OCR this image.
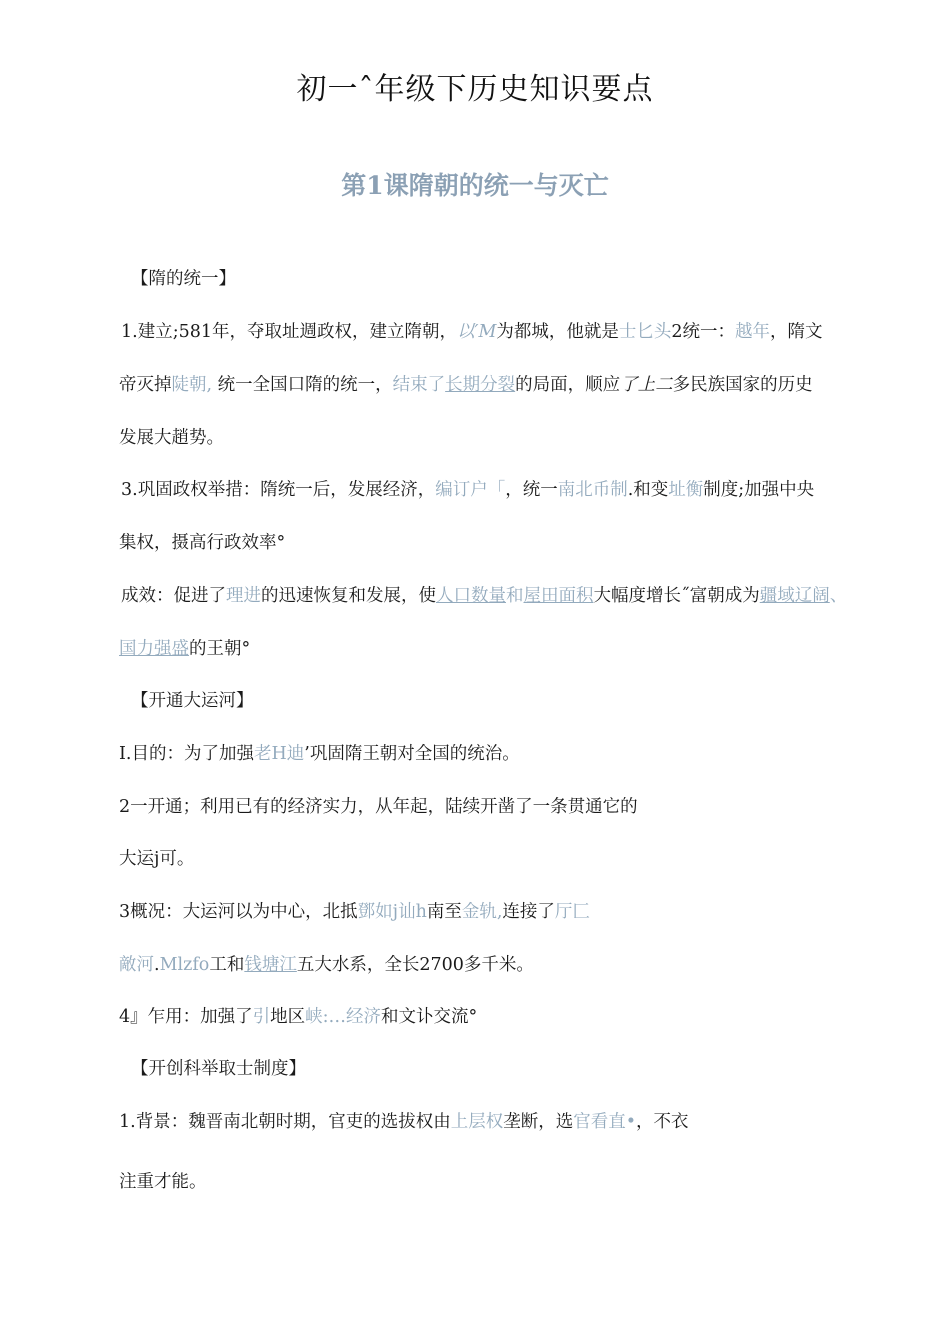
初一ˆ年级下历史知识要点
第1课隋朝的统一与灭亡
【隋的统一】
1.建立;581年，夺取址週政权，建立隋朝，以′M为都城，他就是士匕头2统一：越年，隋文
帝灭掉陡朝, 统一全国口隋的统一，结束了长期分裂的局面，顺应了上二多民族国家的历史
发展大趙势。
3.巩固政权举措：隋统一后，发展经济，编订户「，统一南北币制.和变址衡制度;加强中央
集权，摄高行政效率°
成效：促进了理进的迅速恢复和发展，使人口数量和屋田面积大幅度增长˝富朝成为疆域辽阔、
国力强盛的王朝°
【开通大运河】
I.目的：为了加强老H迪’巩固隋王朝对全国的统治。
2一开通；利用已有的经济实力，从年起，陆续开凿了一条贯通它的
大运j可。
3概况：大运河以为中心，北抵鄧如j讪h南至金轨,连接了厅匚
敵河.Mlzfo工和钱塘江五大水系，全长2700多千米。
4』乍用：加强了引地区峡:…经济和文讣交流°
【开创科举取士制度】
1.背景：魏晋南北朝时期，官吏的选拔权由上层权垄断，选官看直•，不衣
注重才能。
